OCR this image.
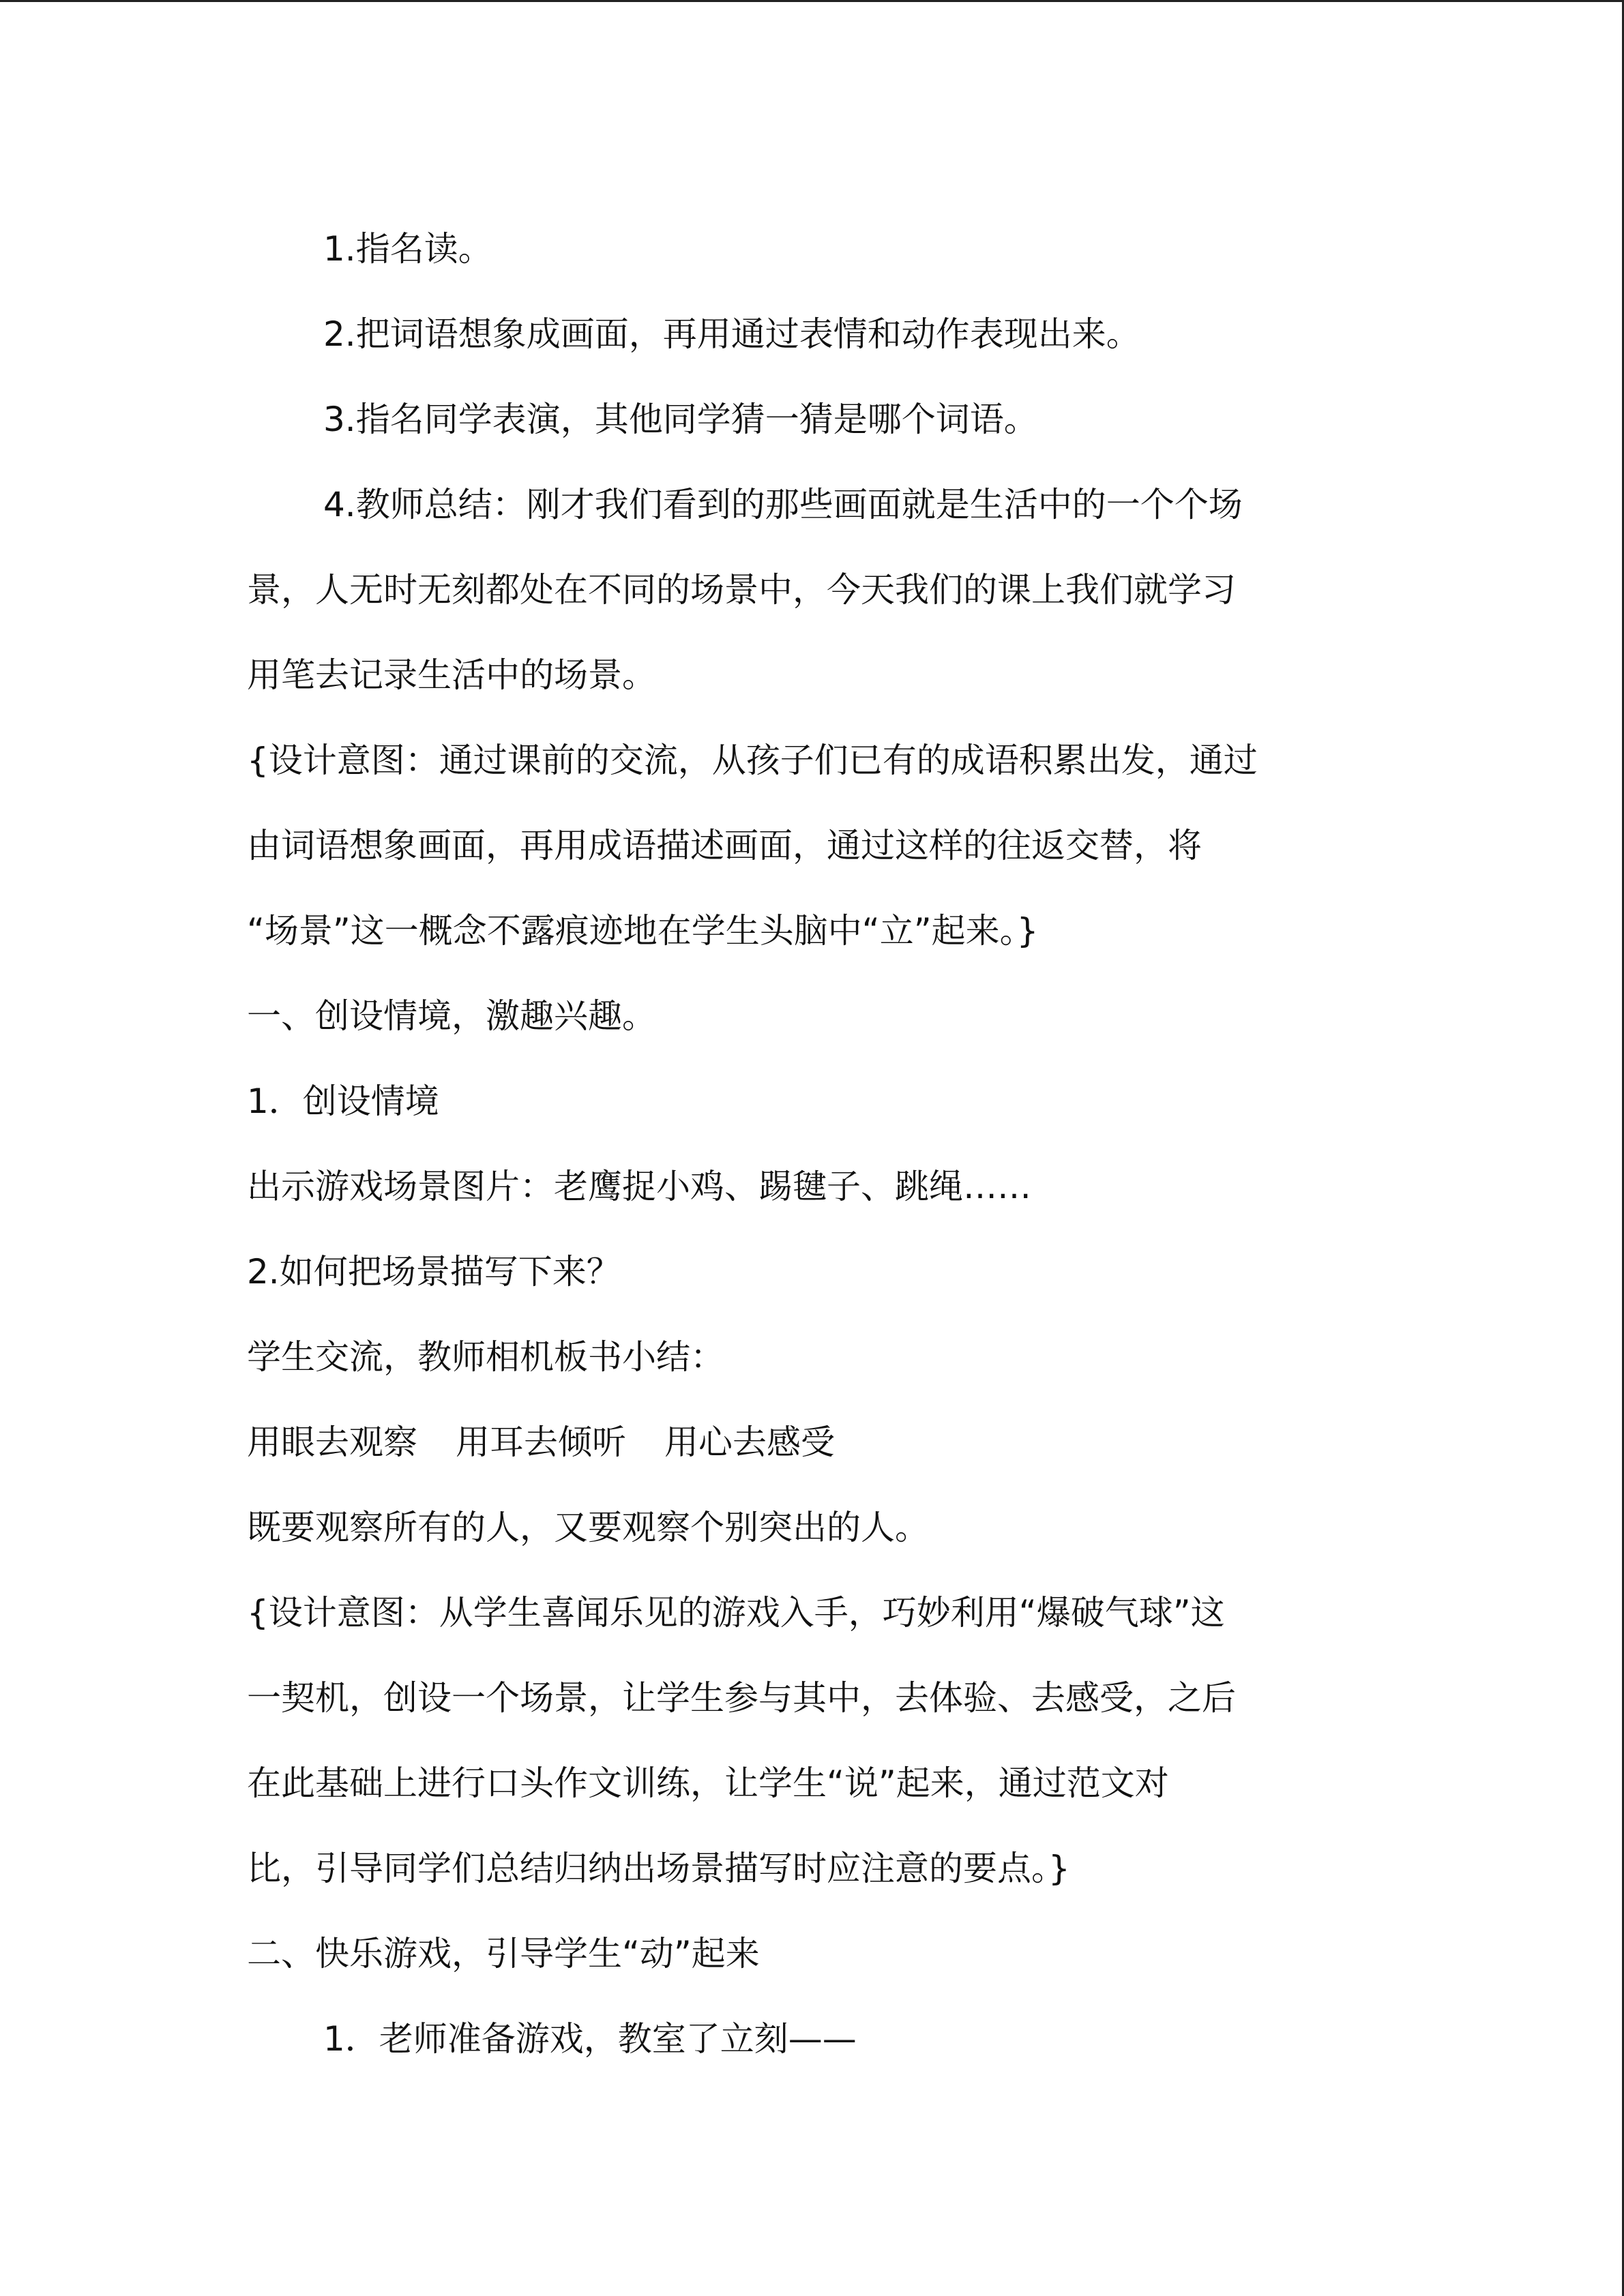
1.指名读。
2.把词语想象成画面，再用通过表情和动作表现出来。
3.指名同学表演，其他同学猜一猜是哪个词语。
4.教师总结：刚才我们看到的那些画面就是生活中的一个个场
景，人无时无刻都处在不同的场景中，今天我们的课上我们就学习
用笔去记录生活中的场景。
{设计意图：通过课前的交流，从孩子们已有的成语积累出发，通过
由词语想象画面，再用成语描述画面，通过这样的往返交替，将
“场景”这一概念不露痕迹地在学生头脑中“立”起来。}
一、创设情境，激趣兴趣。
1．创设情境
出示游戏场景图片：老鹰捉小鸡、踢毽子、跳绳……
2.如何把场景描写下来？
学生交流，教师相机板书小结：
用眼去观察 用耳去倾听 用心去感受
既要观察所有的人，又要观察个别突出的人。
{设计意图：从学生喜闻乐见的游戏入手，巧妙利用“爆破气球”这
一契机，创设一个场景，让学生参与其中，去体验、去感受，之后
在此基础上进行口头作文训练，让学生“说”起来，通过范文对
比，引导同学们总结归纳出场景描写时应注意的要点。}
二、快乐游戏，引导学生“动”起来
1．老师准备游戏，教室了立刻——
